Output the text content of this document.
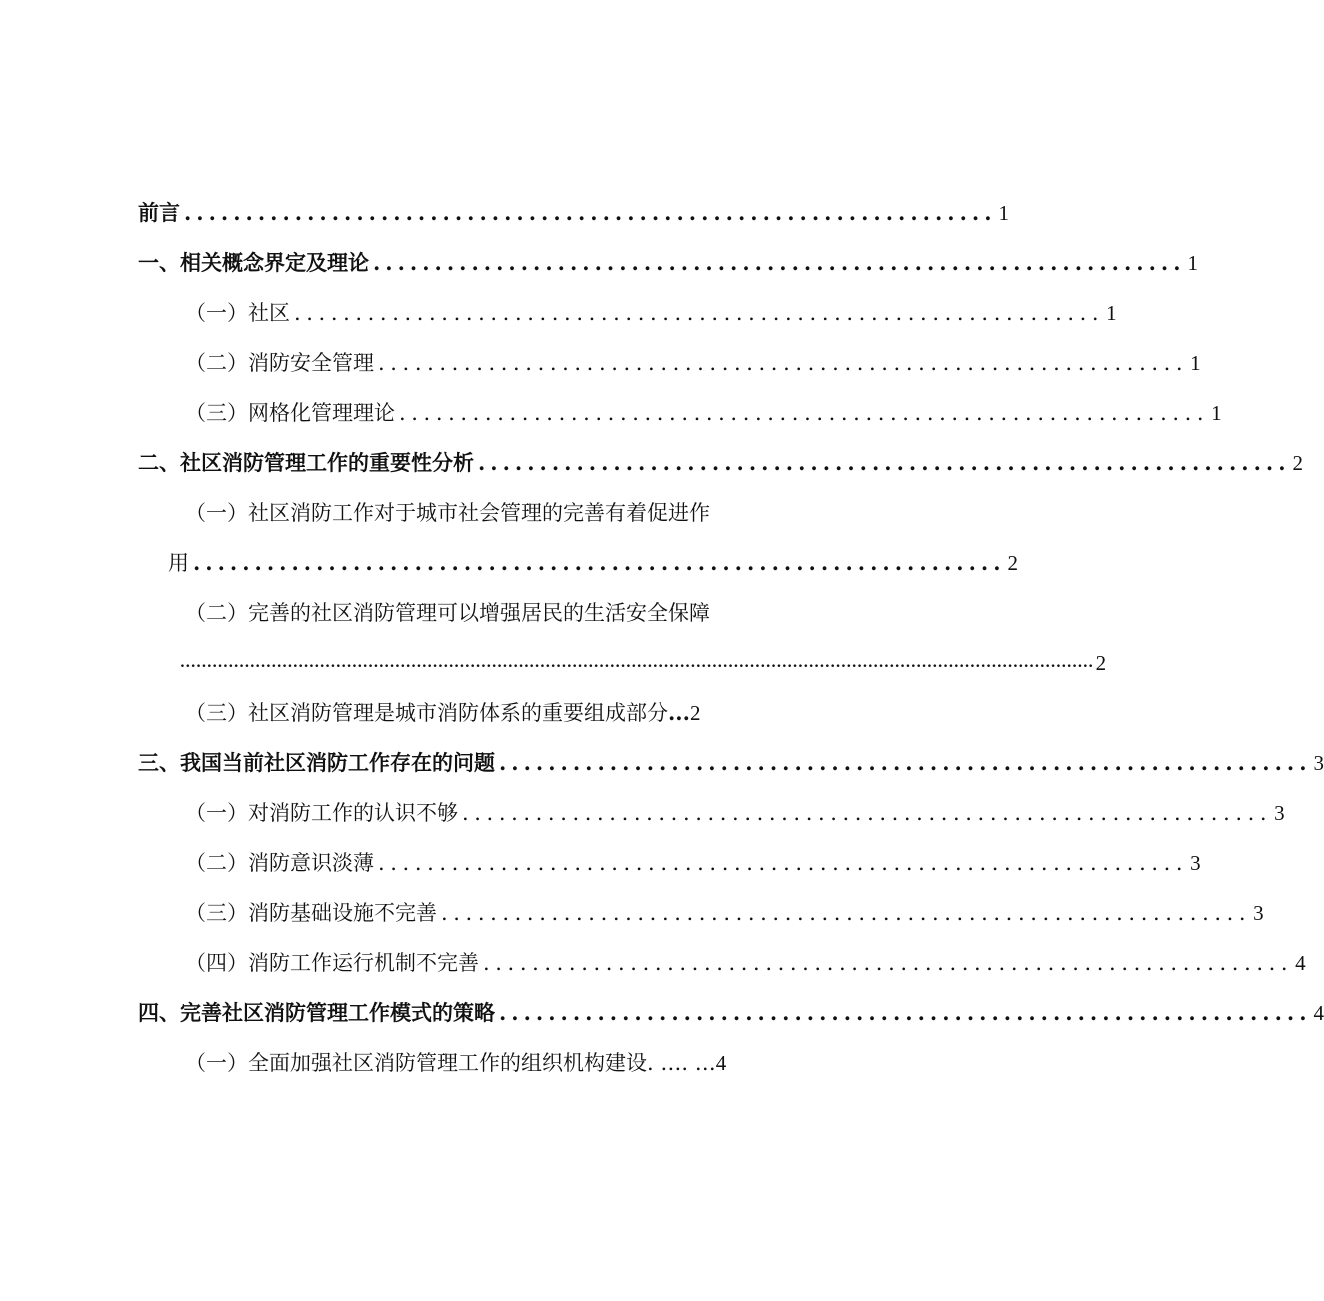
前言 .................................................................. 1
一、相关概念界定及理论 .................................................................. 1
（一）社区 .................................................................. 1
（二）消防安全管理 .................................................................. 1
（三）网格化管理理论 .................................................................. 1
二、社区消防管理工作的重要性分析 .................................................................. 2
（一）社区消防工作对于城市社会管理的完善有着促进作
用 .................................................................. 2
（二）完善的社区消防管理可以增强居民的生活安全保障
.......................................................................................................................................................................... 2
（三）社区消防管理是城市消防体系的重要组成部分 ... 2
三、我国当前社区消防工作存在的问题 .................................................................. 3
（一）对消防工作的认识不够 .................................................................. 3
（二）消防意识淡薄 .................................................................. 3
（三）消防基础设施不完善 .................................................................. 3
（四）消防工作运行机制不完善 .................................................................. 4
四、完善社区消防管理工作模式的策略 .................................................................. 4
（一）全面加强社区消防管理工作的组织机构建设 . …. … 4
